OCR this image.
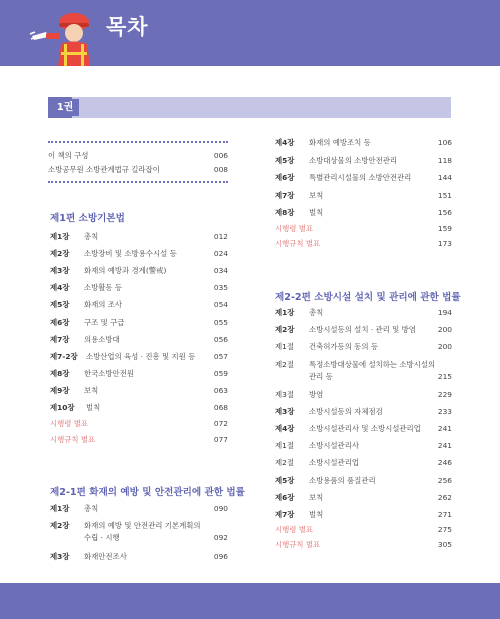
목차
1권
이 책의 구성	006
소방공무원 소방관계법규 길라잡이	008
제1편 소방기본법
제2-1편 화재의 예방 및 안전관리에 관한 법률
제2-2편 소방시설 설치 및 관리에 관한 법률
제1장 총칙	012
제2장 소방장비 및 소방용수시설 등	024
제3장 화재의 예방과 경계(警戒)	034
제4장 소방활동 등	035
제5장 화재의 조사	054
제6장 구조 및 구급	055
제7장 의용소방대	056
제7-2장 소방산업의 육성 · 진흥 및 지원 등	057
제8장 한국소방안전원	059
제9장 보칙	063
제10장 벌칙	068
시행령 별표	072
시행규칙 별표	077
제1장 총칙	090
제2장 화재의 예방 및 안전관리 기본계획의
수립 · 시행	092
제3장 화재안전조사	096
제4장 화재의 예방조치 등	106
제5장 소방대상물의 소방안전관리	118
제6장 특별관리시설물의 소방안전관리	144
제7장 보칙	151
제8장 벌칙	156
시행령 별표	159
시행규칙 별표	173
제1장 총칙	194
제2장 소방시설등의 설치 · 관리 및 방염	200
제1절 건축허가등의 동의 등	200
제2절 특정소방대상물에 설치하는 소방시설의
관리 등	215
제3절 방염	229
제3장 소방시설등의 자체점검	233
제4장 소방시설관리사 및 소방시설관리업 241
제1절 소방시설관리사	241
제2절 소방시설관리업	246
제5장 소방용품의 품질관리	256
제6장 보칙	262
제7장 벌칙	271
시행령 별표	275
시행규칙 별표	305
